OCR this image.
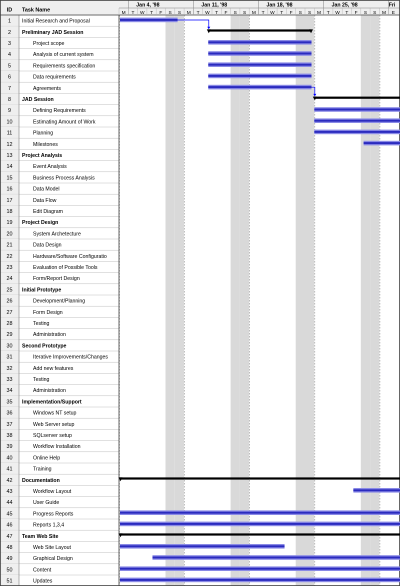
1 Initial Research and Proposal
2 Preliminary JAD Session
3	Project scope
4	Analysis of current system
5	Requirements specification
6	Data requirements
7	Agreements
8 JAD Session
9	Defining Requirements
10	Estimating Amount of Work
11	Planning
12	Milestones
13 Project Analysis
14	Event Analysis
15	Business Process Analysis
16	Data Model
17	Data Flow
18	Edit Diagram
19 Project Design
20	System Archetecture
21	Data Design
22	Hardware/Software Configuratio
23	Evaluation of Possible Tools
24	Form/Report Design
25 Initial Prototype
26	Development/Planning
27	Form Design
28	Testing
29	Administration
30 Second Prototype
31	Iterative Improvements/Changes
32	Add new features
33	Testing
34	Administration
35 Implementation/Support
36	Windows NT setup
37	Web Server setup
38	SQLserver setup
39	Workflow Installation
40	Online Help
41	Training
42 Documentation
43	Workflow Layout
44	User Guide
45	Progress Reports
46	Reports 1,3,4
47 Team Web Site
48	Web Site Layout
49	Graphical Design
50	Content
51	Updates
ID Task Name
Jan 4, '98	Jan 11, '98	Jan 18, '98	Jan 25, '98	Fri
M T W T F S S M T W T F S S M T W T F S S M T W T F S S M E
